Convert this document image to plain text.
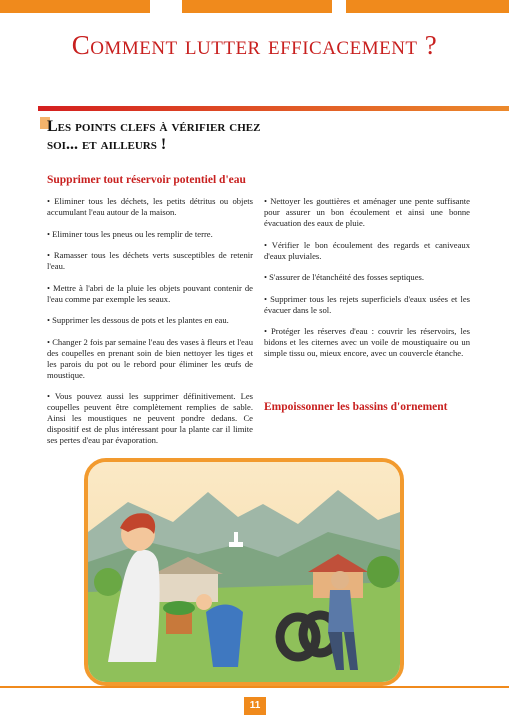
Comment lutter efficacement ?
Les points clefs à vérifier chez soi... et ailleurs !
Supprimer tout réservoir potentiel d'eau

• Eliminer tous les déchets, les petits détritus ou objets accumulant l'eau autour de la maison.

• Eliminer tous les pneus ou les remplir de terre.

• Ramasser tous les déchets verts susceptibles de retenir l'eau.

• Mettre à l'abri de la pluie les objets pouvant contenir de l'eau comme par exemple les seaux.

• Supprimer les dessous de pots et les plantes en eau.

• Changer 2 fois par semaine l'eau des vases à fleurs et l'eau des coupelles en prenant soin de bien nettoyer les tiges et les parois du pot ou le rebord pour éliminer les œufs de moustique.

• Vous pouvez aussi les supprimer définitivement. Les coupelles peuvent être complètement remplies de sable. Ainsi les moustiques ne peuvent pondre dedans. Ce dispositif est de plus intéressant pour la plante car il limite ses pertes d'eau par évaporation.

• Nettoyer les gouttières et aménager une pente suffisante pour assurer un bon écoulement et ainsi une bonne évacuation des eaux de pluie.

• Vérifier le bon écoulement des regards et caniveaux d'eaux pluviales.

• S'assurer de l'étanchéité des fosses septiques.

• Supprimer tous les rejets superficiels d'eaux usées et les évacuer dans le sol.

• Protéger les réserves d'eau : couvrir les réservoirs, les bidons et les citernes avec un voile de moustiquaire ou un simple tissu ou, mieux encore, avec un couvercle étanche.

Empoissonner les bassins d'ornement
11
